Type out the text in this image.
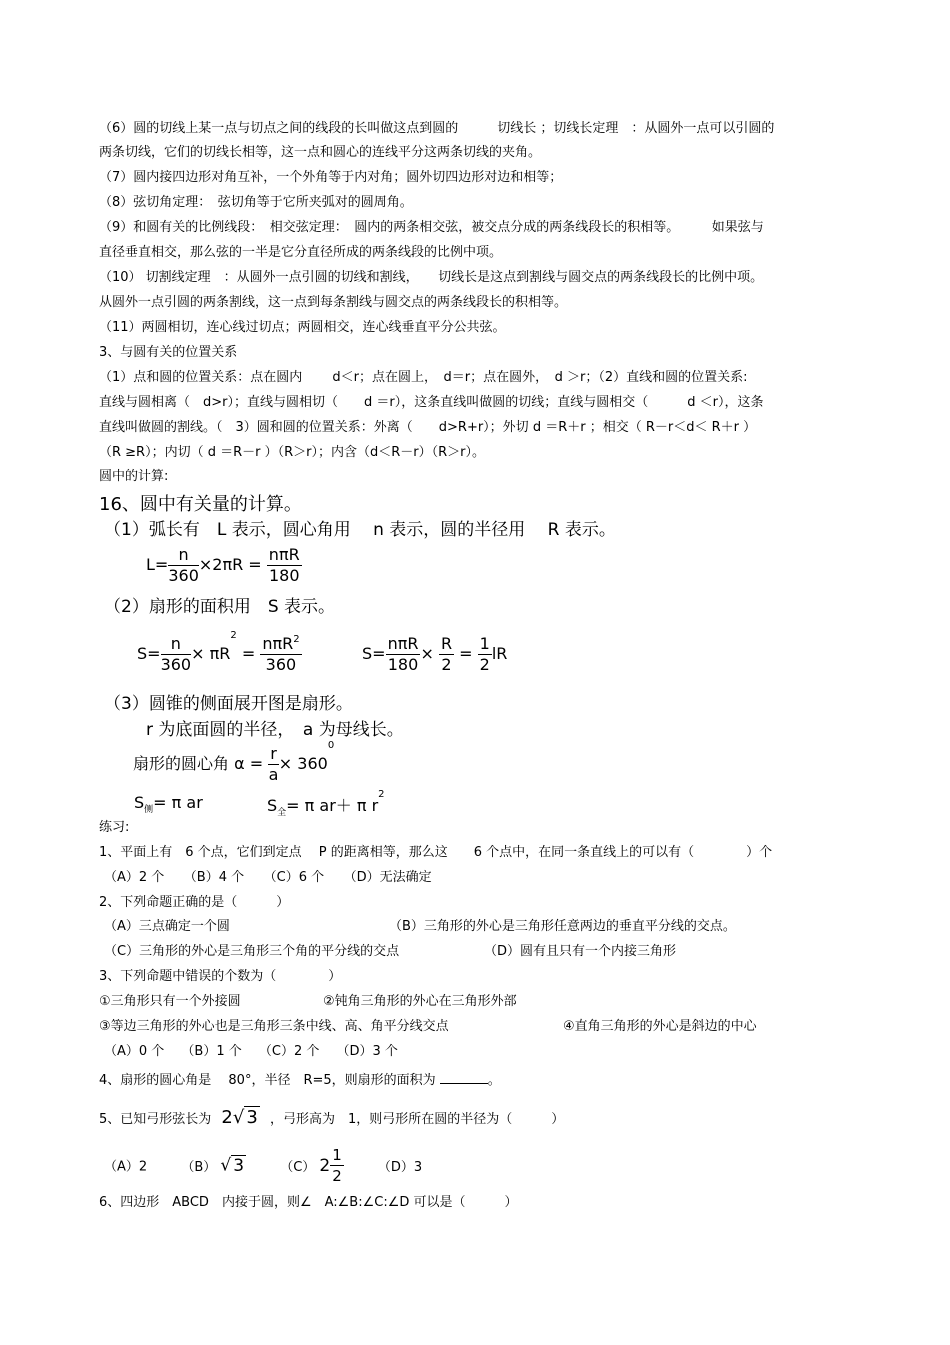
（6）圆的切线上某一点与切点之间的线段的长叫做这点到圆的　　　切线长 ；切线长定理　：从圆外一点可以引圆的
两条切线，它们的切线长相等，这一点和圆心的连线平分这两条切线的夹角。
（7）圆内接四边形对角互补，一个外角等于内对角；圆外切四边形对边和相等；
（8）弦切角定理：　弦切角等于它所夹弧对的圆周角。
（9）和圆有关的比例线段：　相交弦定理：　圆内的两条相交弦，被交点分成的两条线段长的积相等。　　　如果弦与
直径垂直相交，那么弦的一半是它分直径所成的两条线段的比例中项。
（10） 切割线定理　：从圆外一点引圆的切线和割线，　　切线长是这点到割线与圆交点的两条线段长的比例中项。
从圆外一点引圆的两条割线，这一点到每条割线与圆交点的两条线段长的积相等。
（11）两圆相切，连心线过切点；两圆相交，连心线垂直平分公共弦。
3、与圆有关的位置关系
（1）点和圆的位置关系：点在圆内　　 d＜r；点在圆上，　d＝r；点在圆外，　d ＞r；（2）直线和圆的位置关系:
直线与圆相离（　d>r）；直线与圆相切（　　d ＝r），这条直线叫做圆的切线；直线与圆相交（　　　d ＜r），这条
直线叫做圆的割线。（　3）圆和圆的位置关系：外离（　　d>R+r）；外切 d ＝R＋r ；相交（ R－r＜d＜ R＋r ）
（R ≥R）；内切（ d ＝R－r ）（R＞r）；内含（d＜R－r）（R＞r）。
圆中的计算:
16、圆中有关量的计算。
（1）弧长有　L 表示，圆心角用　 n 表示，圆的半径用　 R 表示。
$L= \frac{n}{360} \times 2\pi R = \frac{\text{nπR}}{180}$
（2）扇形的面积用　S 表示。
$S= \frac{n}{360} \times \pi R^2 = \frac{n\pi R^2}{360}$	$S= \frac{\text{nπR}}{180} \times \frac{R}{2} = \frac{1}{2}$ lR
（3）圆锥的侧面展开图是扇形。
r 为底面圆的半径，　a 为母线长。
扇形的圆心角 $\alpha = \frac{r}{a} \times 360^0$
$S_侧= \pi$ ar	$S_全= \pi$ ar＋ π $r^2$
练习:
1、平面上有　6 个点，它们到定点　 P 的距离相等，那么这　　6 个点中，在同一条直线上的可以有（　　　　）个
（A）2 个　　（B）4 个　　（C）6 个　　（D）无法确定
2、下列命题正确的是（　　　）
（A）三点确定一个圆	（B）三角形的外心是三角形任意两边的垂直平分线的交点。
（C）三角形的外心是三角形三个角的平分线的交点	（D）圆有且只有一个内接三角形
3、下列命题中错误的个数为（　　　　）
①三角形只有一个外接圆	②钝角三角形的外心在三角形外部
③等边三角形的外心也是三角形三条中线、高、角平分线交点	④直角三角形的外心是斜边的中心
（A）0 个　 （B）1 个　 （C）2 个　 （D）3 个
4、扇形的圆心角是　 80°，半径　R=5，则扇形的面积为	。
5、已知弓形弦长为 2√ 3 ，弓形高为　1，则弓形所在圆的半径为（　　　）
（A）2	（B） √ 3	（C） $2 \frac{1}{2}$	（D）3
6、四边形　ABCD　内接于圆，则∠　A:∠B:∠C:∠D 可以是（　　　）
